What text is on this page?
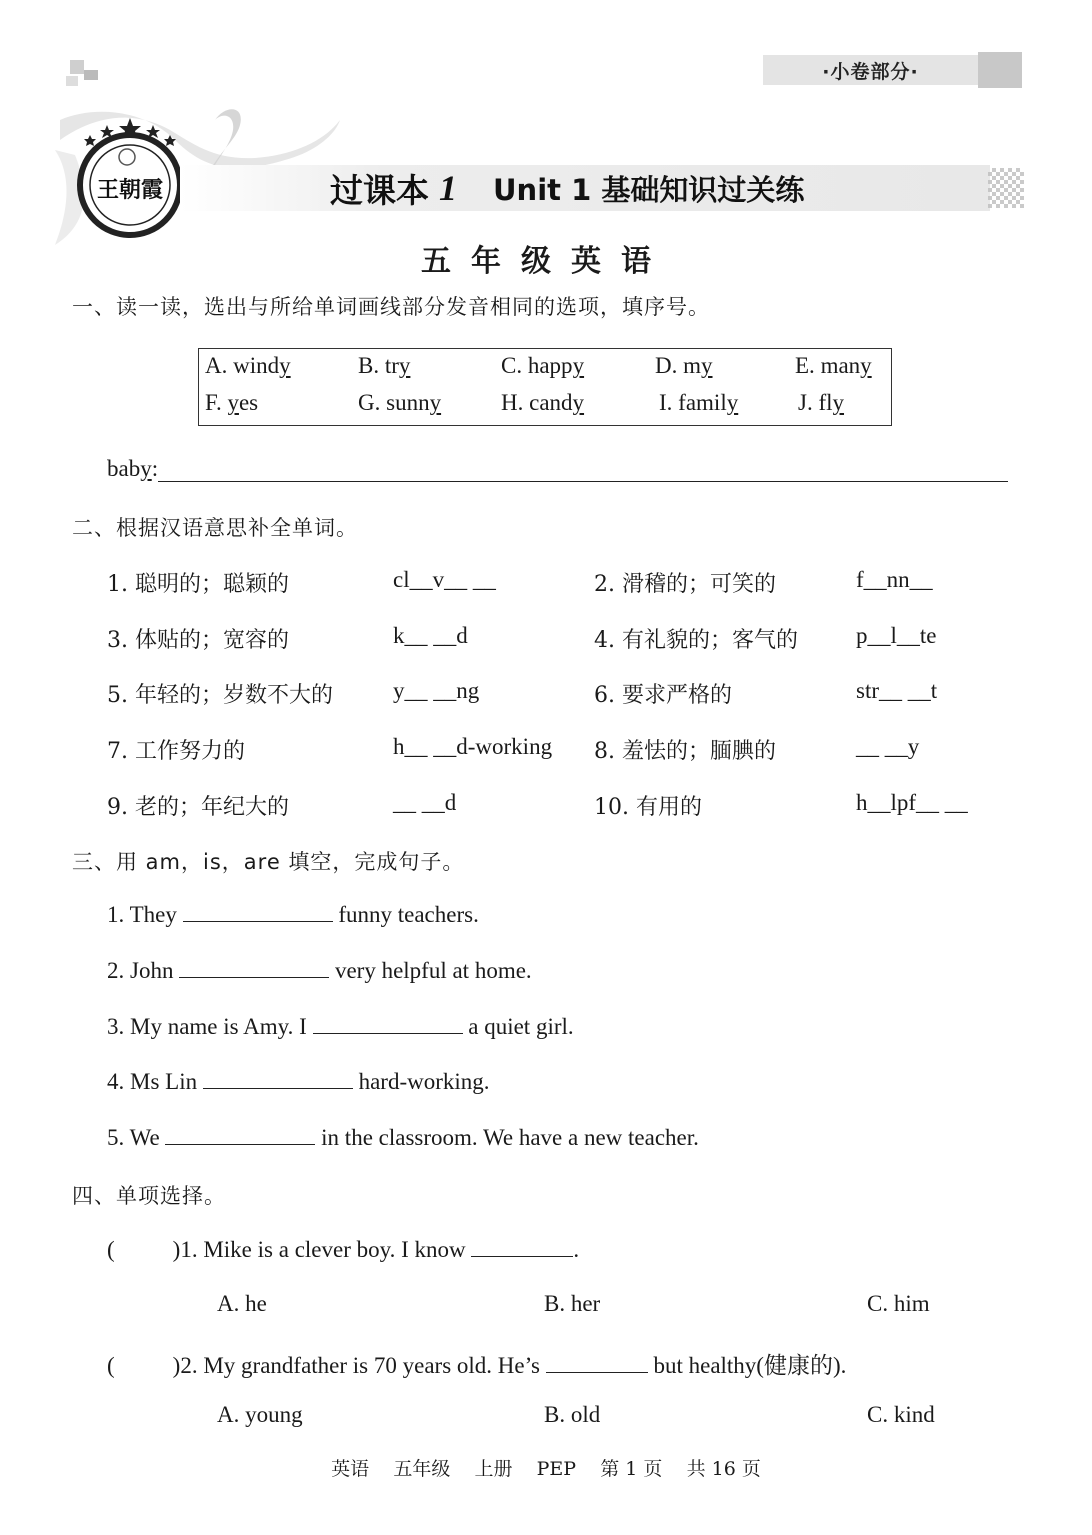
·小卷部分·
王朝霞	过课本 1 Unit 1 基础知识过关练
五年级英语
一、读一读，选出与所给单词画线部分发音相同的选项，填序号。
A. windy	B. try	C. happy	D. my	E. many
F. yes	G. sunny	H. candy	I. family	J. fly
baby:
二、根据汉语意思补全单词。
1. 聪明的；聪颖的	cl__v__ __	2. 滑稽的；可笑的	f__nn__
3. 体贴的；宽容的	k__ __d	4. 有礼貌的；客气的	p__l__te
5. 年轻的；岁数不大的	y__ __ng	6. 要求严格的	str__ __t
7. 工作努力的	h__ __d-working 8. 羞怯的；腼腆的	__ __y
9. 老的；年纪大的	__ __d	10. 有用的	h__lpf__ __
三、用 am，is，are 填空，完成句子。
1. They	funny teachers.
2. John	very helpful at home.
3. My name is Amy. I	a quiet girl.
4. Ms Lin	hard-working.
5. We	in the classroom. We have a new teacher.
四、单项选择。
(	)1. Mike is a clever boy. I know	.
A. he	B. her	C. him
(	)2. My grandfather is 70 years old. He’s	but healthy(健康的).
A. young	B. old	C. kind
英语    五年级    上册    PEP    第 1 页    共 16 页
